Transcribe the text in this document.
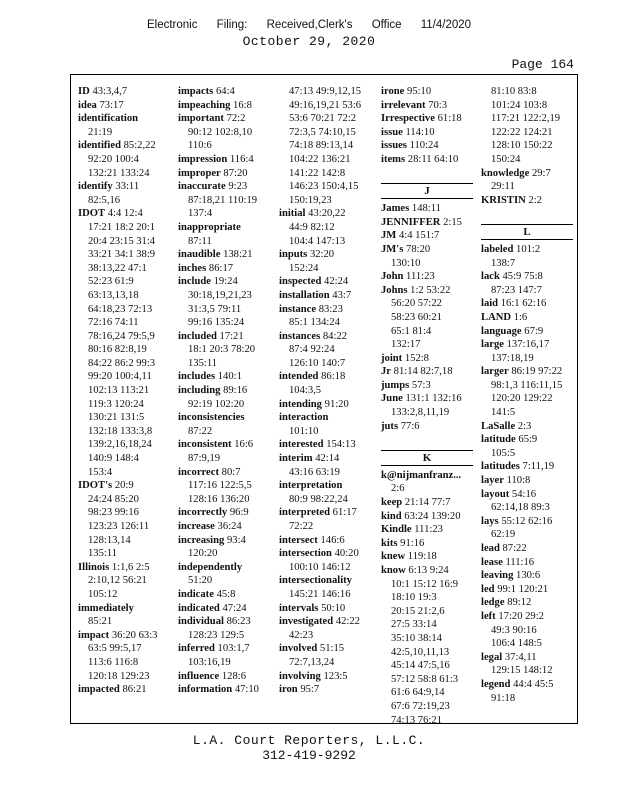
Electronic Filing: Received,Clerk's Office 11/4/2020
October 29, 2020
Page 164
ID 43:3,4,7
idea 73:17
identification
21:19
identified 85:2,22
92:20 100:4
132:21 133:24
identify 33:11
82:5,16
IDOT 4:4 12:4
17:21 18:2 20:1
20:4 23:15 31:4
33:21 34:1 38:9
38:13,22 47:1
52:23 61:9
63:13,13,18
64:18,23 72:13
72:16 74:11
78:16,24 79:5,9
80:16 82:8,19
84:22 86:2 99:3
99:20 100:4,11
102:13 113:21
119:3 120:24
130:21 131:5
132:18 133:3,8
139:2,16,18,24
140:9 148:4
153:4
IDOT's 20:9
24:24 85:20
98:23 99:16
123:23 126:11
128:13,14
135:11
Illinois 1:1,6 2:5
2:10,12 56:21
105:12
immediately
85:21
impact 36:20 63:3
63:5 99:5,17
113:6 116:8
120:18 129:23
impacted 86:21
impacts 64:4
impeaching 16:8
important 72:2
90:12 102:8,10
110:6
impression 116:4
improper 87:20
inaccurate 9:23
87:18,21 110:19
137:4
inappropriate
87:11
inaudible 138:21
inches 86:17
include 19:24
30:18,19,21,23
31:3,5 79:11
99:16 135:24
included 17:21
18:1 20:3 78:20
135:11
includes 140:1
including 89:16
92:19 102:20
inconsistencies
87:22
inconsistent 16:6
87:9,19
incorrect 80:7
117:16 122:5,5
128:16 136:20
incorrectly 96:9
increase 36:24
increasing 93:4
120:20
independently
51:20
indicate 45:8
indicated 47:24
individual 86:23
128:23 129:5
inferred 103:1,7
103:16,19
influence 128:6
information 47:10
47:13 49:9,12,15
49:16,19,21 53:6
53:6 70:21 72:2
72:3,5 74:10,15
74:18 89:13,14
104:22 136:21
141:22 142:8
146:23 150:4,15
150:19,23
initial 43:20,22
44:9 82:12
104:4 147:13
inputs 32:20
152:24
inspected 42:24
installation 43:7
instance 83:23
85:1 134:24
instances 84:22
87:4 92:24
126:10 140:7
intended 86:18
104:3,5
intending 91:20
interaction
101:10
interested 154:13
interim 42:14
43:16 63:19
interpretation
80:9 98:22,24
interpreted 61:17
72:22
intersect 146:6
intersection 40:20
100:10 146:12
intersectionality
145:21 146:16
intervals 50:10
investigated 42:22
42:23
involved 51:15
72:7,13,24
involving 123:5
iron 95:7
irone 95:10
irrelevant 70:3
Irrespective 61:18
issue 114:10
issues 110:24
items 28:11 64:10
J
James 148:11
JENNIFFER 2:15
JM 4:4 151:7
JM's 78:20
130:10
John 111:23
Johns 1:2 53:22
56:20 57:22
58:23 60:21
65:1 81:4
132:17
joint 152:8
Jr 81:14 82:7,18
jumps 57:3
June 131:1 132:16
133:2,8,11,19
juts 77:6
K
k@nijmanfranz...
2:6
keep 21:14 77:7
kind 63:24 139:20
Kindle 111:23
kits 91:16
knew 119:18
know 6:13 9:24
10:1 15:12 16:9
18:10 19:3
20:15 21:2,6
27:5 33:14
35:10 38:14
42:5,10,11,13
45:14 47:5,16
57:12 58:8 61:3
61:6 64:9,14
67:6 72:19,23
74:13 76:21
81:10 83:8
101:24 103:8
117:21 122:2,19
122:22 124:21
128:10 150:22
150:24
knowledge 29:7
29:11
KRISTIN 2:2
L
labeled 101:2
138:7
lack 45:9 75:8
87:23 147:7
laid 16:1 62:16
LAND 1:6
language 67:9
large 137:16,17
137:18,19
larger 86:19 97:22
98:1,3 116:11,15
120:20 129:22
141:5
LaSalle 2:3
latitude 65:9
105:5
latitudes 7:11,19
layer 110:8
layout 54:16
62:14,18 89:3
lays 55:12 62:16
62:19
lead 87:22
lease 111:16
leaving 130:6
led 99:1 120:21
ledge 89:12
left 17:20 29:2
49:3 90:16
106:4 148:5
legal 37:4,11
129:15 148:12
legend 44:4 45:5
91:18
L.A. Court Reporters, L.L.C.
312-419-9292
